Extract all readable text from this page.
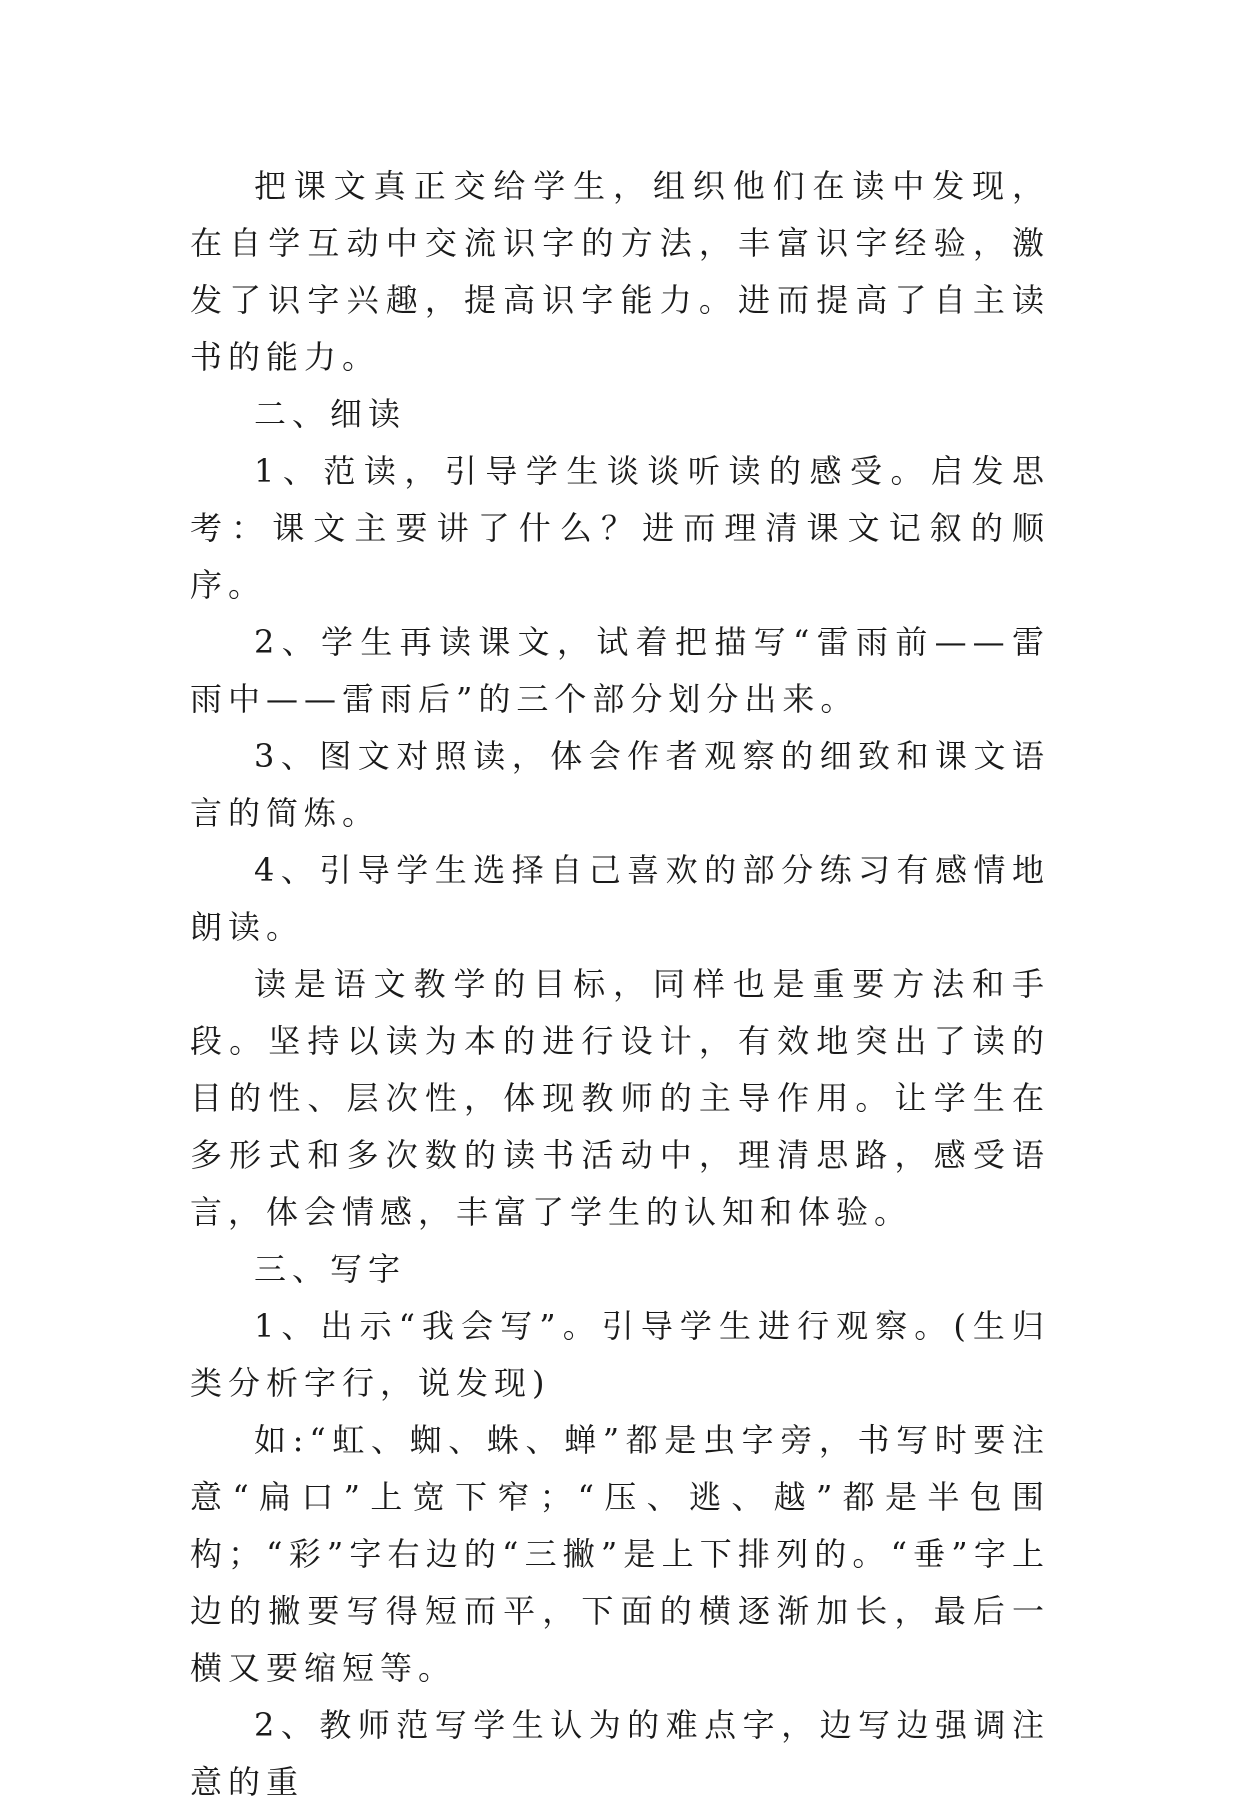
把课文真正交给学生，组织他们在读中发现，在自学互动中交流识字的方法，丰富识字经验，激发了识字兴趣，提高识字能力。进而提高了自主读书的能力。

二、细读

1、范读，引导学生谈谈听读的感受。启发思考：课文主要讲了什么？进而理清课文记叙的顺序。

2、学生再读课文，试着把描写“雷雨前——雷雨中——雷雨后”的三个部分划分出来。

3、图文对照读，体会作者观察的细致和课文语言的简炼。

4、引导学生选择自己喜欢的部分练习有感情地朗读。

读是语文教学的目标，同样也是重要方法和手段。坚持以读为本的进行设计，有效地突出了读的目的性、层次性，体现教师的主导作用。让学生在多形式和多次数的读书活动中，理清思路，感受语言，体会情感，丰富了学生的认知和体验。

三、写字

1、出示“我会写”。引导学生进行观察。(生归类分析字行，说发现)

如:“虹、蜘、蛛、蝉”都是虫字旁，书写时要注意“扁口”上宽下窄；“压、逃、越”都是半包围构；“彩”字右边的“三撇”是上下排列的。“垂”字上边的撇要写得短而平，下面的横逐渐加长，最后一横又要缩短等。

2、教师范写学生认为的难点字，边写边强调注意的重
